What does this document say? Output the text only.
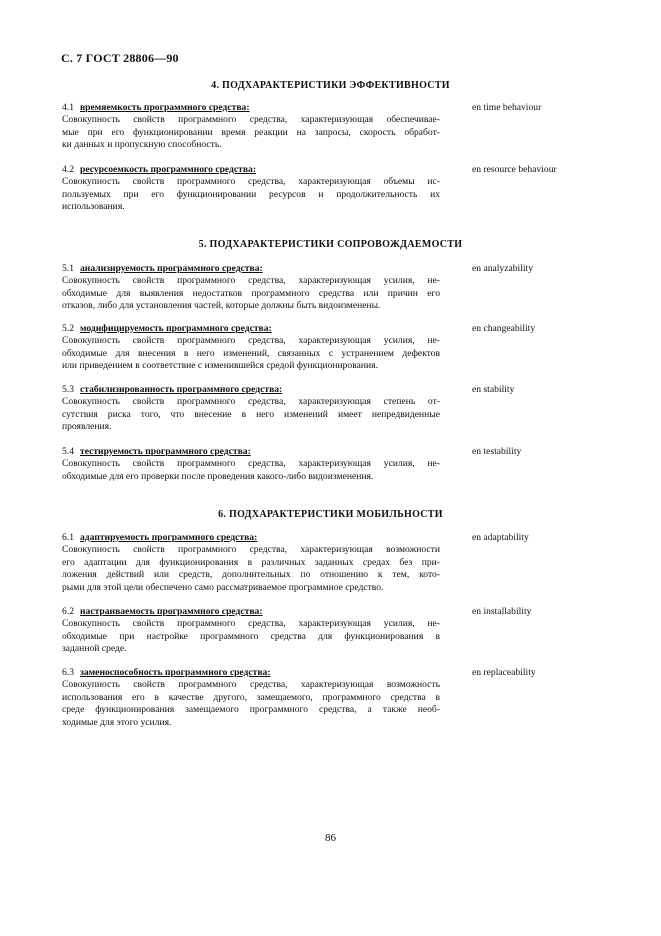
С. 7 ГОСТ 28806—90
4. ПОДХАРАКТЕРИСТИКИ ЭФФЕКТИВНОСТИ
4.1 времяемкость программного средства:
Совокупность свойств программного средства, характеризующая обеспечивае-
мые при его функционировании время реакции на запросы, скорость обработ-
ки данных и пропускную способность.
en time behaviour
4.2 ресурсоемкость программного средства:
Совокупность свойств программного средства, характеризующая объемы ис-
пользуемых при его функционировании ресурсов и продолжительность их
использования.
en resource behaviour
5. ПОДХАРАКТЕРИСТИКИ СОПРОВОЖДАЕМОСТИ
5.1 анализируемость программного средства:
Совокупность свойств программного средства, характеризующая усилия, не-
обходимые для выявления недостатков программного средства или причин его
отказов, либо для установления частей, которые должны быть видоизменены.
en analyzability
5.2 модифицируемость программного средства:
Совокупность свойств программного средства, характеризующая усилия, не-
обходимые для внесения в него изменений, связанных с устранением дефектов
или приведением в соответствие с изменившейся средой функционирования.
en changeability
5.3 стабилизированность программного средства:
Совокупность свойств программного средства, характеризующая степень от-
сутствия риска того, что внесение в него изменений имеет непредвиденные
проявления.
en stability
5.4 тестируемость программного средства:
Совокупность свойств программного средства, характеризующая усилия, не-
обходимые для его проверки после проведения какого-либо видоизменения.
en testability
6. ПОДХАРАКТЕРИСТИКИ МОБИЛЬНОСТИ
6.1 адаптируемость программного средства:
Совокупность свойств программного средства, характеризующая возможности
его адаптации для функционирования в различных заданных средах без при-
ложения действий или средств, дополнительных по отношению к тем, кото-
рыми для этой цели обеспечено само рассматриваемое программное средство.
en adaptability
6.2 настраиваемость программного средства:
Совокупность свойств программного средства, характеризующая усилия, не-
обходимые при настройке программного средства для функционирования в
заданной среде.
en installability
6.3 заменоспособность программного средства:
Совокупность свойств программного средства, характеризующая возможность
использования его в качестве другого, замещаемого, программного средства в
среде функционирования замещаемого программного средства, а также необ-
ходимые для этого усилия.
en replaceability
86
